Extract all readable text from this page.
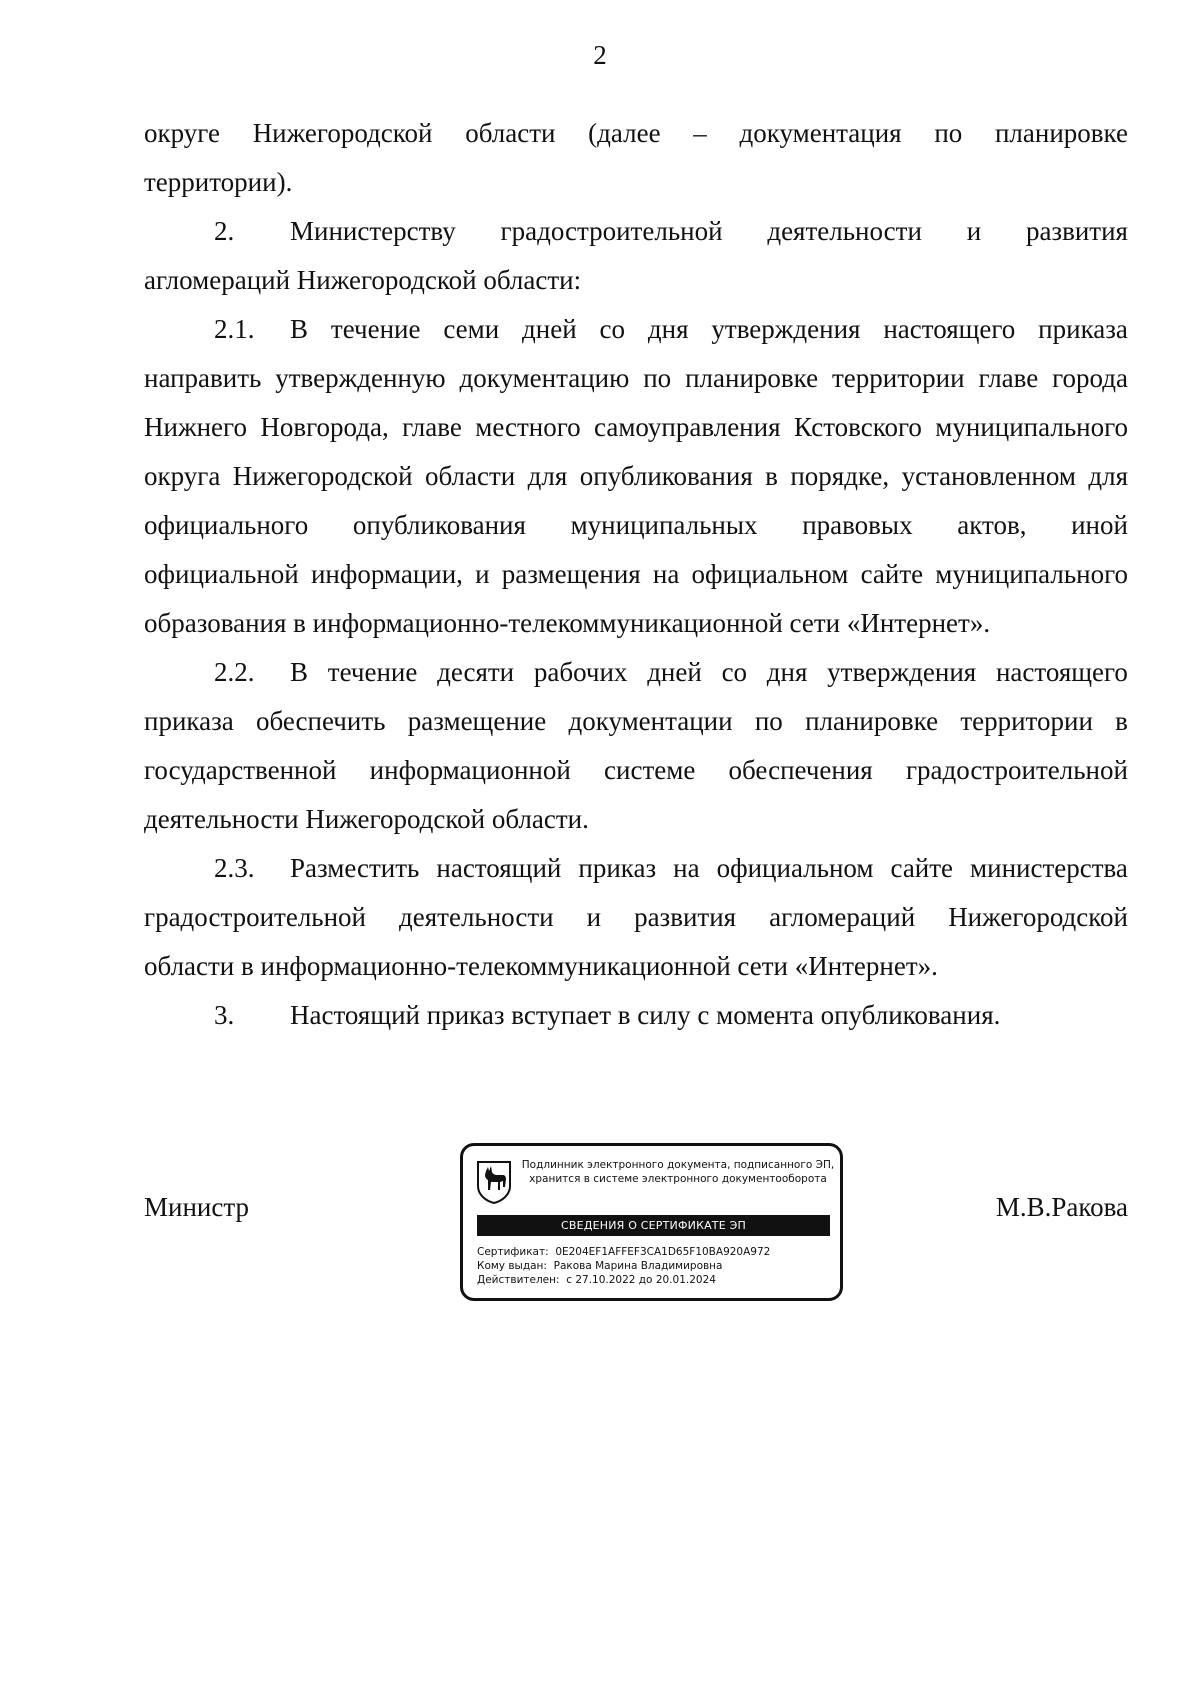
2
округе Нижегородской области (далее – документация по планировке
территории).
2.	Министерству градостроительной деятельности и развития
агломераций Нижегородской области:
2.1.	В течение семи дней со дня утверждения настоящего приказа
направить утвержденную документацию по планировке территории главе города
Нижнего Новгорода, главе местного самоуправления Кстовского муниципального
округа Нижегородской области для опубликования в порядке, установленном для
официального опубликования муниципальных правовых актов, иной
официальной информации, и размещения на официальном сайте муниципального
образования в информационно-телекоммуникационной сети «Интернет».
2.2.	В течение десяти рабочих дней со дня утверждения настоящего
приказа обеспечить размещение документации по планировке территории в
государственной информационной системе обеспечения градостроительной
деятельности Нижегородской области.
2.3.	Разместить настоящий приказ на официальном сайте министерства
градостроительной деятельности и развития агломераций Нижегородской
области в информационно-телекоммуникационной сети «Интернет».
3.	Настоящий приказ вступает в силу с момента опубликования.
Министр	М.В.Ракова
Подлинник электронного документа, подписанного ЭП,
хранится в системе электронного документооборота
СВЕДЕНИЯ О СЕРТИФИКАТЕ ЭП
Сертификат:  0E204EF1AFFEF3CA1D65F10BA920A972
Кому выдан:  Ракова Марина Владимировна
Действителен:  с 27.10.2022 до 20.01.2024
